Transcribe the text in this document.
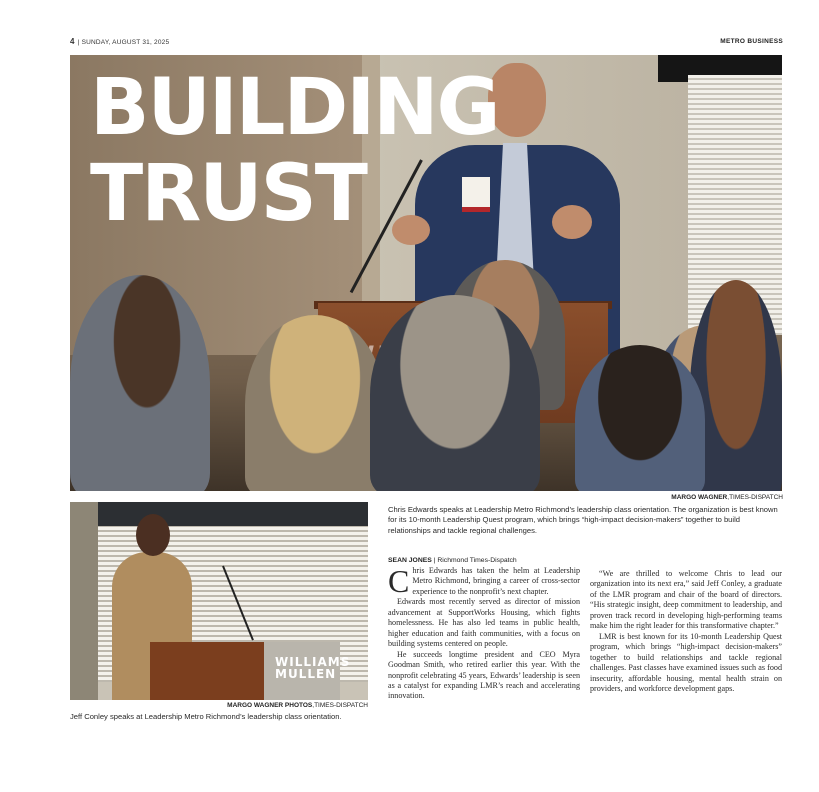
4 | SUNDAY, AUGUST 31, 2025	METRO BUSINESS
BUILDING
TRUST
MARGO WAGNER,TIMES-DISPATCH
Chris Edwards speaks at Leadership Metro Richmond’s leadership class orientation. The organization is best known for its 10-month Leadership Quest program, which brings “high-impact decision-makers” together to build relationships and tackle regional challenges.
WILLIAMS
MULLEN
MARGO WAGNER PHOTOS,TIMES-DISPATCH
Jeff Conley speaks at Leadership Metro Richmond’s leadership class orientation.
SEAN JONES | Richmond Times-Dispatch

Chris Edwards has taken the helm at Leadership Metro Richmond, bringing a career of cross-sector experience to the nonprofit’s next chapter.

Edwards most recently served as director of mission advancement at SupportWorks Housing, which fights homelessness. He has also led teams in public health, higher education and faith communities, with a focus on building systems centered on people.

He succeeds longtime president and CEO Myra Goodman Smith, who retired earlier this year. With the nonprofit celebrating 45 years, Edwards’ leadership is seen as a catalyst for expanding LMR’s reach and accelerating innovation.

“We are thrilled to welcome Chris to lead our organization into its next era,” said Jeff Conley, a graduate of the LMR program and chair of the board of directors. “His strategic insight, deep commitment to leadership, and proven track record in developing high-performing teams make him the right leader for this transformative chapter.”

LMR is best known for its 10-month Leadership Quest program, which brings “high-impact decision-makers” together to build relationships and tackle regional challenges. Past classes have examined issues such as food insecurity, affordable housing, mental health strain on providers, and workforce development gaps.
